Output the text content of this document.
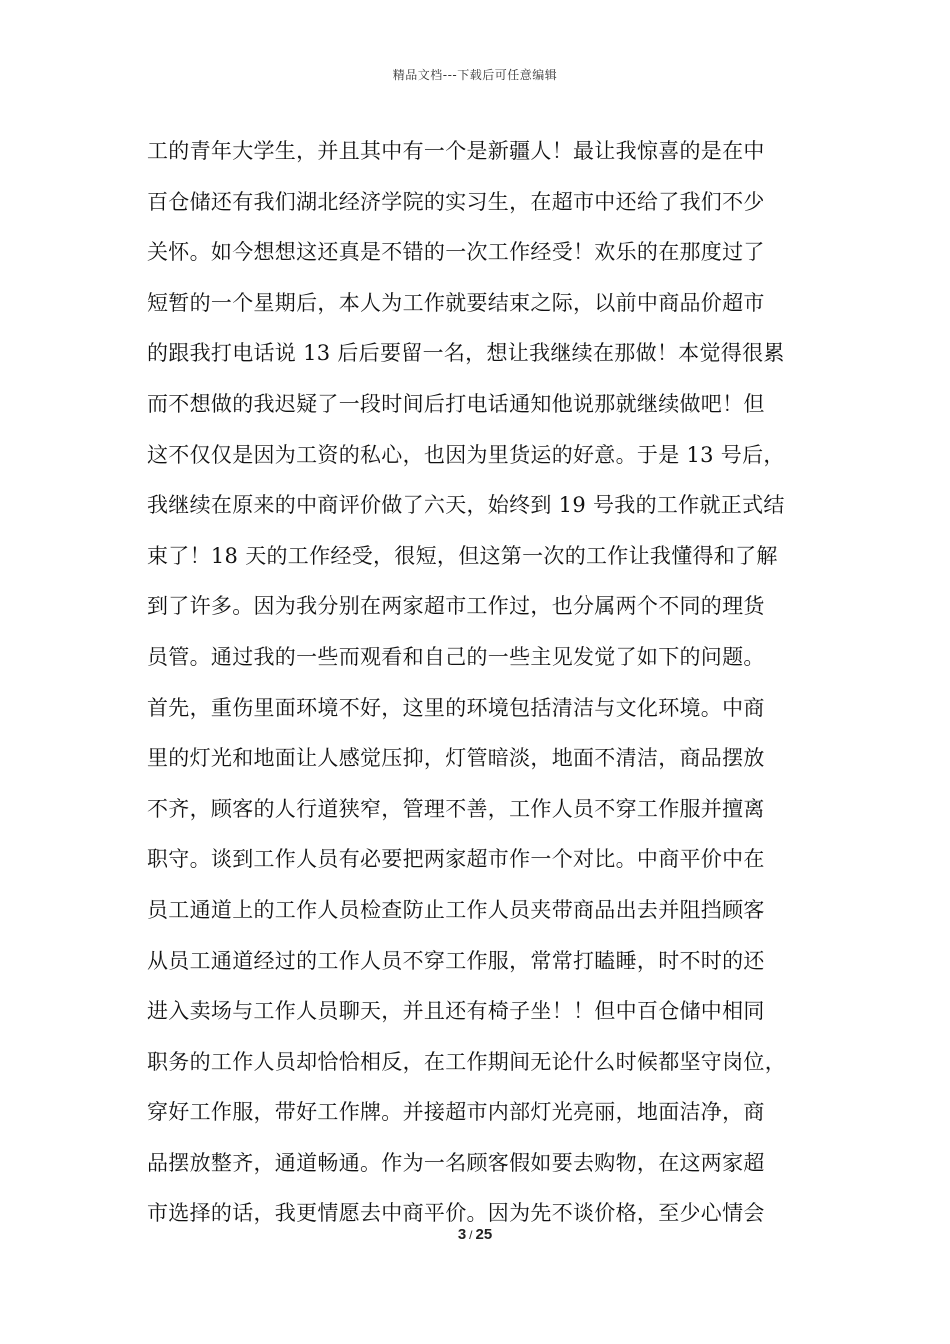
精品文档---下载后可任意编辑
工的青年大学生，并且其中有一个是新疆人！最让我惊喜的是在中
百仓储还有我们湖北经济学院的实习生，在超市中还给了我们不少
关怀。如今想想这还真是不错的一次工作经受！欢乐的在那度过了
短暂的一个星期后，本人为工作就要结束之际，以前中商品价超市
的跟我打电话说 13 后后要留一名，想让我继续在那做！本觉得很累
而不想做的我迟疑了一段时间后打电话通知他说那就继续做吧！但
这不仅仅是因为工资的私心，也因为里货运的好意。于是 13 号后，
我继续在原来的中商评价做了六天，始终到 19 号我的工作就正式结
束了！18 天的工作经受，很短，但这第一次的工作让我懂得和了解
到了许多。因为我分别在两家超市工作过，也分属两个不同的理货
员管。通过我的一些而观看和自己的一些主见发觉了如下的问题。
首先，重伤里面环境不好，这里的环境包括清洁与文化环境。中商
里的灯光和地面让人感觉压抑，灯管暗淡，地面不清洁，商品摆放
不齐，顾客的人行道狭窄，管理不善，工作人员不穿工作服并擅离
职守。谈到工作人员有必要把两家超市作一个对比。中商平价中在
员工通道上的工作人员检查防止工作人员夹带商品出去并阻挡顾客
从员工通道经过的工作人员不穿工作服，常常打瞌睡，时不时的还
进入卖场与工作人员聊天，并且还有椅子坐！！但中百仓储中相同
职务的工作人员却恰恰相反，在工作期间无论什么时候都坚守岗位，
穿好工作服，带好工作牌。并接超市内部灯光亮丽，地面洁净，商
品摆放整齐，通道畅通。作为一名顾客假如要去购物，在这两家超
市选择的话，我更情愿去中商平价。因为先不谈价格，至少心情会
3 / 25
